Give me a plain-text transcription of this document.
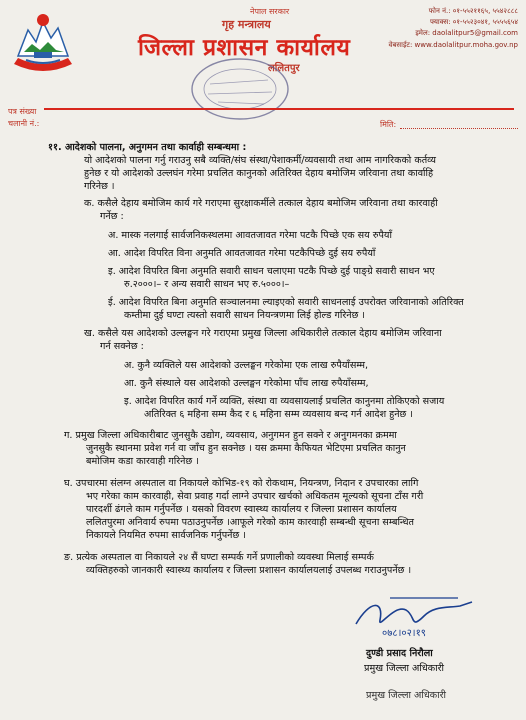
नेपाल सरकार
गृह मन्त्रालय
जिल्ला प्रशासन कार्यालय
ललितपुर
फोन नं.: ०१-५५२११६५, ५५४२८८८
फ्याक्स: ०१-५५२३०४१, ५५५५६५४
इमेल: daolalitpur5@gmail.com
वेबसाईट: www.daolalitpur.moha.gov.np
पत्र संख्या
चलानी नं.:	मिति:
११. आदेशको पालना, अनुगमन तथा कार्वाही सम्बन्धमा :
यो आदेशको पालना गर्नु गराउनु सबै व्यक्ति/संघ संस्था/पेशाकर्मी/व्यवसायी तथा आम नागरिकको कर्तव्य
हुनेछ र यो आदेशको उल्लघंन गरेमा प्रचलित कानुनको अतिरिक्त देहाय बमोजिम जरिवाना तथा कार्वाहि
गरिनेछ ।
क. कसैले देहाय बमोजिम कार्य गरे गराएमा सुरक्षाकर्मीले तत्काल देहाय बमोजिम जरिवाना तथा कारवाही
गर्नेछ :
अ. मास्क नलगाई सार्वजनिकस्थलमा आवतजावत गरेमा पटकै पिच्छे एक सय रुपैयाँ
आ. आदेश विपरित विना अनुमति आवतजावत गरेमा पटकैपिच्छे दुई सय रुपैयाँ
इ. आदेश विपरित बिना अनुमति सवारी साधन चलाएमा पटकै पिच्छे दुई पाङ्ग्रे सवारी साधन भए
रु.२०००।– र अन्य सवारी साधन भए रु.५०००।–
ई. आदेश विपरित बिना अनुमति सञ्चालनमा ल्याइएको सवारी साधनलाई उपरोक्त जरिवानाको अतिरिक्त
कम्तीमा दुई घण्टा त्यस्तो सवारी साधन नियन्त्रणमा लिई होल्ड गरिनेछ ।
ख. कसैले यस आदेशको उल्लङ्घन गरे गराएमा प्रमुख जिल्ला अधिकारीले तत्काल देहाय बमोजिम जरिवाना
गर्न सक्नेछ :
अ. कुनै व्यक्तिले यस आदेशको उल्लङ्घन गरेकोमा एक लाख रुपैयाँसम्म,
आ. कुनै संस्थाले यस आदेशको उल्लङ्घन गरेकोमा पाँच लाख रुपैयाँसम्म,
इ. आदेश विपरित कार्य गर्ने व्यक्ति, संस्था वा व्यवसायलाई प्रचलित कानुनमा तोकिएको सजाय
अतिरिक्त ६ महिना सम्म कैद र ६ महिना सम्म व्यवसाय बन्द गर्न आदेश हुनेछ ।
ग. प्रमुख जिल्ला अधिकारीबाट जुनसुकै उद्योग, व्यवसाय, अनुगमन हुन सक्ने र अनुगमनका क्रममा
जुनसुकै स्थानमा प्रवेश गर्न वा जाँच हुन सक्नेछ । यस क्रममा कैफियत भेटिएमा प्रचलित कानुन
बमोजिम कडा कारवाही गरिनेछ ।
घ. उपचारमा संलग्न अस्पताल वा निकायले कोभिड-१९ को रोकथाम, नियन्त्रण, निदान र उपचारका लागि
भए गरेका काम कारवाही, सेवा प्रवाह गर्दा लाग्ने उपचार खर्चको अधिकतम मूल्यको सूचना टाँस गरी
पारदर्शी ढंगले काम गर्नुपर्नेछ । यसको विवरण स्वास्थ्य कार्यालय र जिल्ला प्रशासन कार्यालय
ललितपुरमा अनिवार्य रुपमा पठाउनुपर्नेछ ।आफूले गरेको काम कारवाही सम्बन्धी सूचना सम्बन्धित
निकायले नियमित रुपमा सार्वजनिक गर्नुपर्नेछ ।
ङ. प्रत्येक अस्पताल वा निकायले २४ सैं घण्टा सम्पर्क गर्ने प्रणालीको व्यवस्था मिलाई सम्पर्क
व्यक्तिहरुको जानकारी स्वास्थ्य कार्यालय र जिल्ला प्रशासन कार्यालयलाई उपलब्ध गराउनुपर्नेछ ।
०७८।०२।१९
दुण्डी प्रसाद निरौला
प्रमुख जिल्ला अधिकारी
प्रमुख जिल्ला अधिकारी
